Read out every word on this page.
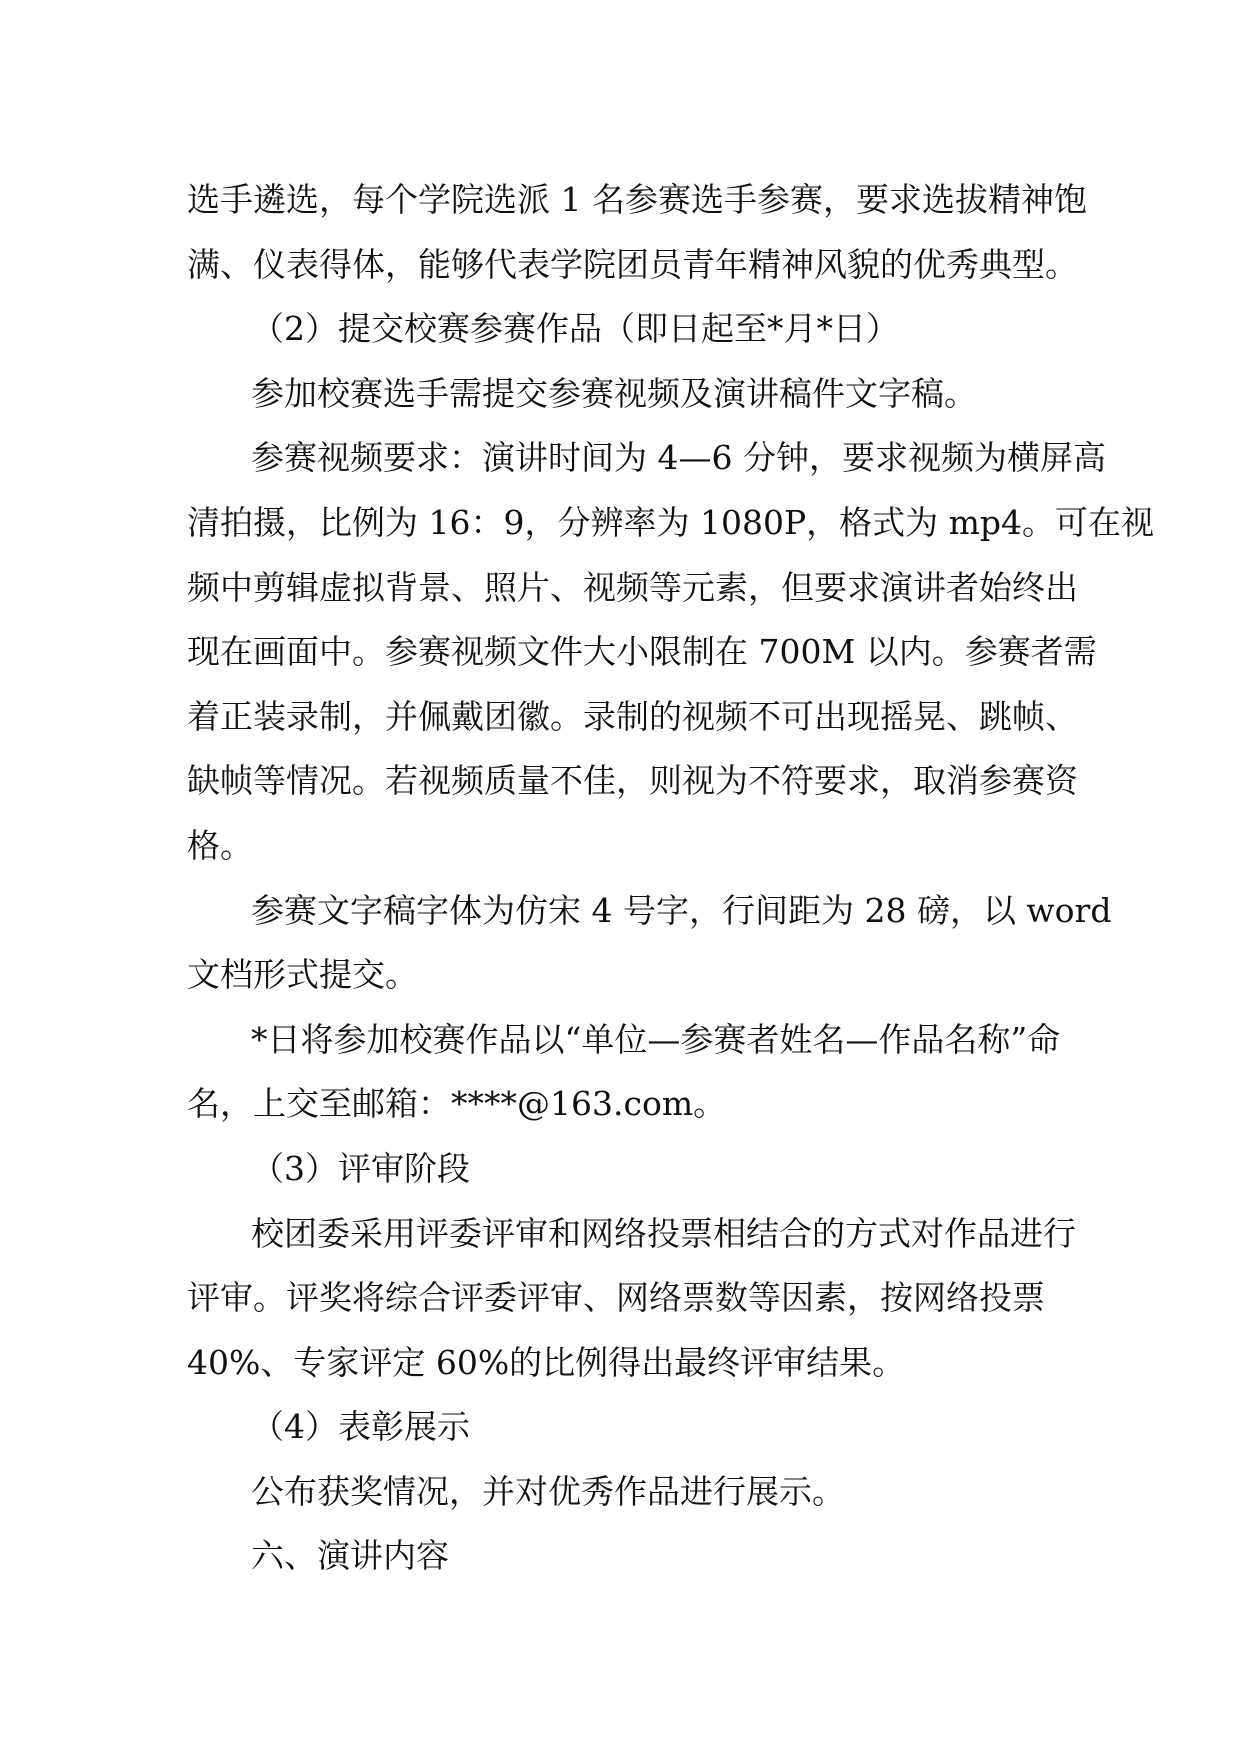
选手遴选，每个学院选派 1 名参赛选手参赛，要求选拔精神饱
满、仪表得体，能够代表学院团员青年精神风貌的优秀典型。

（2）提交校赛参赛作品（即日起至*月*日）

参加校赛选手需提交参赛视频及演讲稿件文字稿。

参赛视频要求：演讲时间为 4—6 分钟，要求视频为横屏高
清拍摄，比例为 16：9，分辨率为 1080P，格式为 mp4。可在视
频中剪辑虚拟背景、照片、视频等元素，但要求演讲者始终出
现在画面中。参赛视频文件大小限制在 700M 以内。参赛者需
着正装录制，并佩戴团徽。录制的视频不可出现摇晃、跳帧、
缺帧等情况。若视频质量不佳，则视为不符要求，取消参赛资
格。

参赛文字稿字体为仿宋 4 号字，行间距为 28 磅，以 word
文档形式提交。

*日将参加校赛作品以“单位—参赛者姓名—作品名称”命
名，上交至邮箱：****@163.com。

（3）评审阶段

校团委采用评委评审和网络投票相结合的方式对作品进行
评审。评奖将综合评委评审、网络票数等因素，按网络投票
40%、专家评定 60%的比例得出最终评审结果。

（4）表彰展示

公布获奖情况，并对优秀作品进行展示。

六、演讲内容
